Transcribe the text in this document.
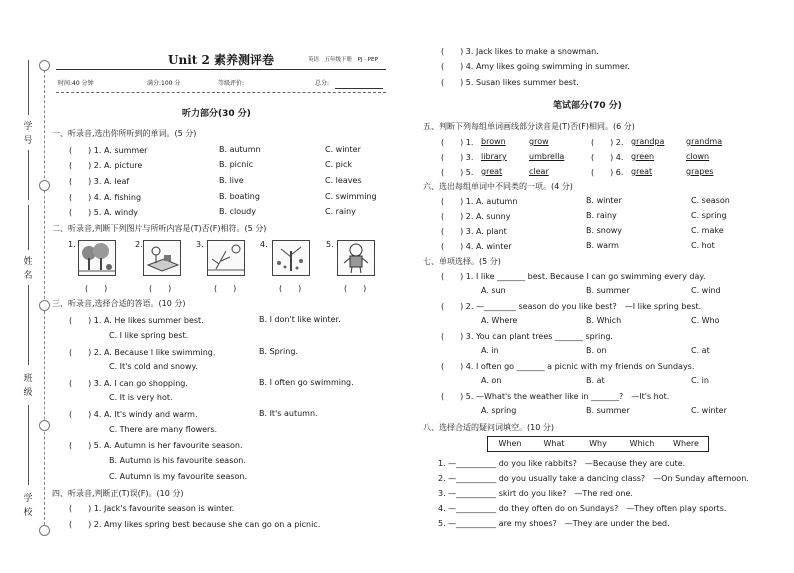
学 号
姓 名
班 级
学 校
Unit 2 素养测评卷	英语　五年级下册　PJ · PEP
时间:40 分钟	满分:100 分	等级评价:	总分:
听力部分(30 分)
一、听录音,选出你所听到的单词。(5 分)
(　　) 1. A. summer	B. autumn	C. winter
(　　) 2. A. picture	B. picnic	C. pick
(　　) 3. A. leaf	B. live	C. leaves
(　　) 4. A. fishing	B. boating	C. swimming
(　　) 5. A. windy	B. cloudy	C. rainy
二、听录音,判断下列图片与所听内容是(T)否(F)相符。(5 分)
1.
(　　)
2.
(　　)
3.
(　　)
4.
(　　)
5.
(　　)
三、听录音,选择合适的答语。(10 分)
(　　) 1. A. He likes summer best.	B. I don't like winter.
C. I like spring best.
(　　) 2. A. Because I like swimming.	B. Spring.
C. It's cold and snowy.
(　　) 3. A. I can go shopping.	B. I often go swimming.
C. It is very hot.
(　　) 4. A. It's windy and warm.	B. It's autumn.
C. There are many flowers.
(　　) 5. A. Autumn is her favourite season.
B. Autumn is his favourite season.
C. Autumn is my favourite season.
四、听录音,判断正(T)误(F)。(10 分)
(　　) 1. Jack's favourite season is winter.
(　　) 2. Amy likes spring best because she can go on a picnic.
(　　) 3. Jack likes to make a snowman.
(　　) 4. Amy likes going swimming in summer.
(　　) 5. Susan likes summer best.
笔试部分(70 分)
五、判断下列每组单词画线部分读音是(T)否(F)相同。(6 分)
(　　) 1. brown	grow	(　　) 2. grandpa	grandma
(　　) 3. library	umbrella	(　　) 4. green	clown
(　　) 5. great	clear	(　　) 6. great	grapes
六、选出每组单词中不同类的一项。(4 分)
(　　) 1. A. autumn	B. winter	C. season
(　　) 2. A. sunny	B. rainy	C. spring
(　　) 3. A. plant	B. snowy	C. make
(　　) 4. A. winter	B. warm	C. hot
七、单项选择。(5 分)
(　　) 1. I like _______ best. Because I can go swimming every day.
A. sun	B. summer	C. wind
(　　) 2. —________ season do you like best?　—I like spring best.
A. Where	B. Which	C. Who
(　　) 3. You can plant trees _______ spring.
A. in	B. on	C. at
(　　) 4. I often go _______ a picnic with my friends on Sundays.
A. on	B. at	C. in
(　　) 5. —What's the weather like in _______?　—It's hot.
A. spring	B. summer	C. winter
八、选择合适的疑问词填空。(10 分)
When	What	Why	Which	Where
1. —__________ do you like rabbits?　—Because they are cute.
2. —__________ do you usually take a dancing class?　—On Sunday afternoon.
3. —__________ skirt do you like?　—The red one.
4. —__________ do they often do on Sundays?　—They often play sports.
5. —__________ are my shoes?　—They are under the bed.
